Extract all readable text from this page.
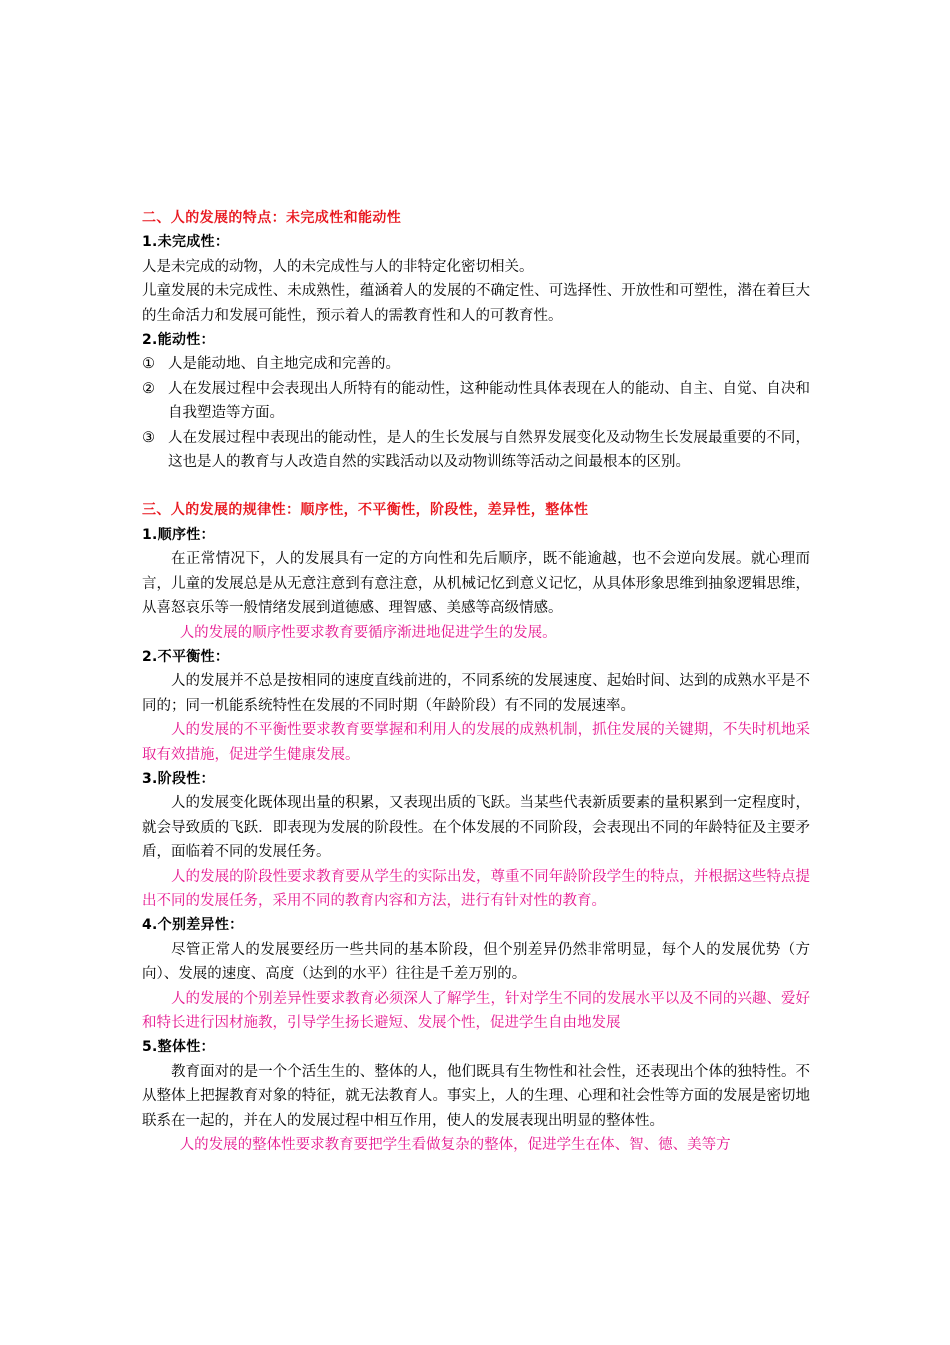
二、人的发展的特点：未完成性和能动性

1.未完成性：

人是未完成的动物，人的未完成性与人的非特定化密切相关。

儿童发展的未完成性、未成熟性，蕴涵着人的发展的不确定性、可选择性、开放性和可塑性，潜在着巨大的生命活力和发展可能性，预示着人的需教育性和人的可教育性。

2.能动性：

① 人是能动地、自主地完成和完善的。
② 人在发展过程中会表现出人所特有的能动性，这种能动性具体表现在人的能动、自主、自觉、自决和自我塑造等方面。
③ 人在发展过程中表现出的能动性，是人的生长发展与自然界发展变化及动物生长发展最重要的不同，这也是人的教育与人改造自然的实践活动以及动物训练等活动之间最根本的区别。

三、人的发展的规律性：顺序性，不平衡性，阶段性，差异性，整体性

1.顺序性：

在正常情况下，人的发展具有一定的方向性和先后顺序，既不能逾越，也不会逆向发展。就心理而言，儿童的发展总是从无意注意到有意注意，从机械记忆到意义记忆，从具体形象思维到抽象逻辑思维，从喜怒哀乐等一般情绪发展到道德感、理智感、美感等高级情感。

人的发展的顺序性要求教育要循序渐进地促进学生的发展。

2.不平衡性：

人的发展并不总是按相同的速度直线前进的，不同系统的发展速度、起始时间、达到的成熟水平是不同的；同一机能系统特性在发展的不同时期（年龄阶段）有不同的发展速率。

人的发展的不平衡性要求教育要掌握和利用人的发展的成熟机制，抓住发展的关键期，不失时机地采取有效措施，促进学生健康发展。

3.阶段性：

人的发展变化既体现出量的积累，又表现出质的飞跃。当某些代表新质要素的量积累到一定程度时，就会导致质的飞跃．即表现为发展的阶段性。在个体发展的不同阶段，会表现出不同的年龄特征及主要矛盾，面临着不同的发展任务。

人的发展的阶段性要求教育要从学生的实际出发，尊重不同年龄阶段学生的特点，并根据这些特点提出不同的发展任务，采用不同的教育内容和方法，进行有针对性的教育。

4.个别差异性：

尽管正常人的发展要经历一些共同的基本阶段，但个别差异仍然非常明显，每个人的发展优势（方向）、发展的速度、高度（达到的水平）往往是千差万别的。

人的发展的个别差异性要求教育必须深人了解学生，针对学生不同的发展水平以及不同的兴趣、爱好和特长进行因材施教，引导学生扬长避短、发展个性，促进学生自由地发展

5.整体性：

教育面对的是一个个活生生的、整体的人，他们既具有生物性和社会性，还表现出个体的独特性。不从整体上把握教育对象的特征，就无法教育人。事实上，人的生理、心理和社会性等方面的发展是密切地联系在一起的，并在人的发展过程中相互作用，使人的发展表现出明显的整体性。

人的发展的整体性要求教育要把学生看做复杂的整体，促进学生在体、智、德、美等方
